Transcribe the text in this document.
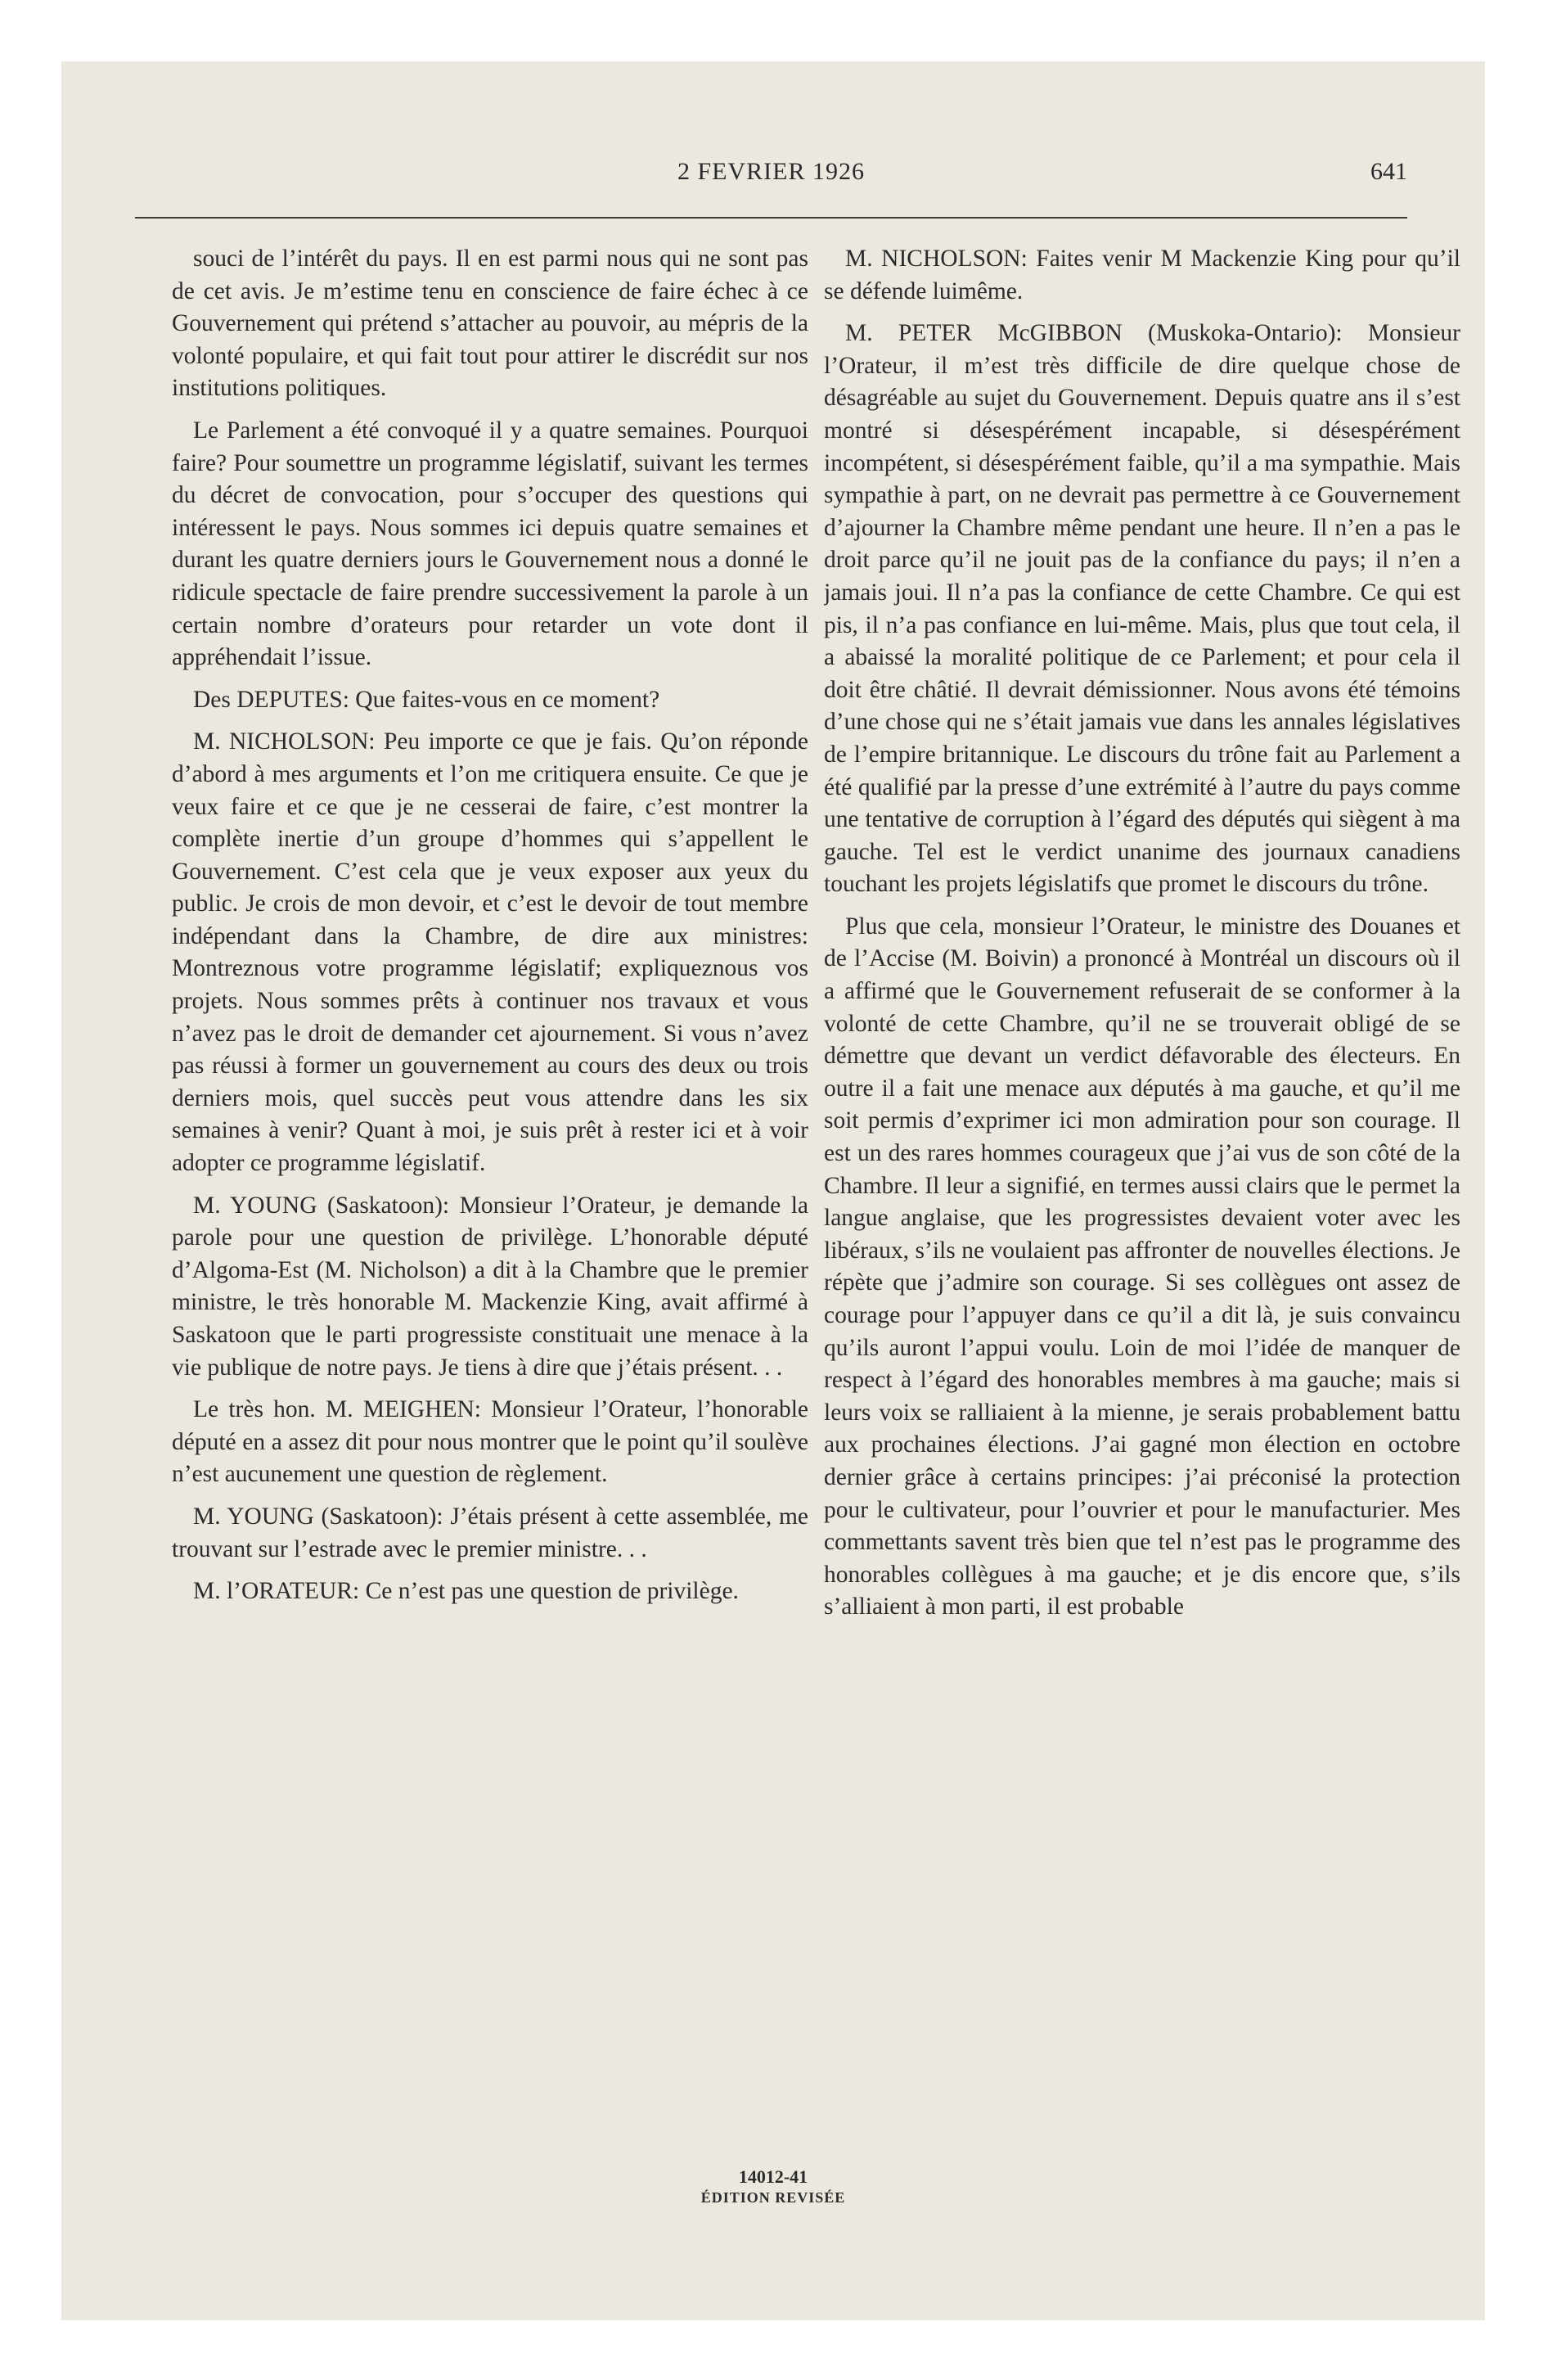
2 FEVRIER 1926	641

souci de l’intérêt du pays. Il en est parmi nous qui ne sont pas de cet avis. Je m’estime tenu en conscience de faire échec à ce Gouvernement qui prétend s’attacher au pouvoir, au mépris de la volonté populaire, et qui fait tout pour attirer le discrédit sur nos institutions politiques.

Le Parlement a été convoqué il y a quatre semaines. Pourquoi faire? Pour soumettre un programme législatif, suivant les termes du décret de convocation, pour s’occuper des questions qui intéressent le pays. Nous sommes ici depuis quatre semaines et durant les quatre derniers jours le Gouvernement nous a donné le ridicule spectacle de faire prendre successivement la parole à un certain nombre d’orateurs pour retarder un vote dont il appréhendait l’issue.

Des DEPUTES: Que faites-vous en ce moment?

M. NICHOLSON: Peu importe ce que je fais. Qu’on réponde d’abord à mes arguments et l’on me critiquera ensuite. Ce que je veux faire et ce que je ne cesserai de faire, c’est montrer la complète inertie d’un groupe d’hommes qui s’appellent le Gouvernement. C’est cela que je veux exposer aux yeux du public. Je crois de mon devoir, et c’est le devoir de tout membre indépendant dans la Chambre, de dire aux ministres: Montreznous votre programme législatif; expliqueznous vos projets. Nous sommes prêts à continuer nos travaux et vous n’avez pas le droit de demander cet ajournement. Si vous n’avez pas réussi à former un gouvernement au cours des deux ou trois derniers mois, quel succès peut vous attendre dans les six semaines à venir? Quant à moi, je suis prêt à rester ici et à voir adopter ce programme législatif.

M. YOUNG (Saskatoon): Monsieur l’Orateur, je demande la parole pour une question de privilège. L’honorable député d’Algoma-Est (M. Nicholson) a dit à la Chambre que le premier ministre, le très honorable M. Mackenzie King, avait affirmé à Saskatoon que le parti progressiste constituait une menace à la vie publique de notre pays. Je tiens à dire que j’étais présent. . .

Le très hon. M. MEIGHEN: Monsieur l’Orateur, l’honorable député en a assez dit pour nous montrer que le point qu’il soulève n’est aucunement une question de règlement.

M. YOUNG (Saskatoon): J’étais présent à cette assemblée, me trouvant sur l’estrade avec le premier ministre. . .

M. l’ORATEUR: Ce n’est pas une question de privilège.

M. NICHOLSON: Faites venir M Mackenzie King pour qu’il se défende luimême.

M. PETER McGIBBON (Muskoka-Ontario): Monsieur l’Orateur, il m’est très difficile de dire quelque chose de désagréable au sujet du Gouvernement. Depuis quatre ans il s’est montré si désespérément incapable, si désespérément incompétent, si désespérément faible, qu’il a ma sympathie. Mais sympathie à part, on ne devrait pas permettre à ce Gouvernement d’ajourner la Chambre même pendant une heure. Il n’en a pas le droit parce qu’il ne jouit pas de la confiance du pays; il n’en a jamais joui. Il n’a pas la confiance de cette Chambre. Ce qui est pis, il n’a pas confiance en lui-même. Mais, plus que tout cela, il a abaissé la moralité politique de ce Parlement; et pour cela il doit être châtié. Il devrait démissionner. Nous avons été témoins d’une chose qui ne s’était jamais vue dans les annales législatives de l’empire britannique. Le discours du trône fait au Parlement a été qualifié par la presse d’une extrémité à l’autre du pays comme une tentative de corruption à l’égard des députés qui siègent à ma gauche. Tel est le verdict unanime des journaux canadiens touchant les projets législatifs que promet le discours du trône.

Plus que cela, monsieur l’Orateur, le ministre des Douanes et de l’Accise (M. Boivin) a prononcé à Montréal un discours où il a affirmé que le Gouvernement refuserait de se conformer à la volonté de cette Chambre, qu’il ne se trouverait obligé de se démettre que devant un verdict défavorable des électeurs. En outre il a fait une menace aux députés à ma gauche, et qu’il me soit permis d’exprimer ici mon admiration pour son courage. Il est un des rares hommes courageux que j’ai vus de son côté de la Chambre. Il leur a signifié, en termes aussi clairs que le permet la langue anglaise, que les progressistes devaient voter avec les libéraux, s’ils ne voulaient pas affronter de nouvelles élections. Je répète que j’admire son courage. Si ses collègues ont assez de courage pour l’appuyer dans ce qu’il a dit là, je suis convaincu qu’ils auront l’appui voulu. Loin de moi l’idée de manquer de respect à l’égard des honorables membres à ma gauche; mais si leurs voix se ralliaient à la mienne, je serais probablement battu aux prochaines élections. J’ai gagné mon élection en octobre dernier grâce à certains principes: j’ai préconisé la protection pour le cultivateur, pour l’ouvrier et pour le manufacturier. Mes commettants savent très bien que tel n’est pas le programme des honorables collègues à ma gauche; et je dis encore que, s’ils s’alliaient à mon parti, il est probable

14012-41
ÉDITION REVISÉE
